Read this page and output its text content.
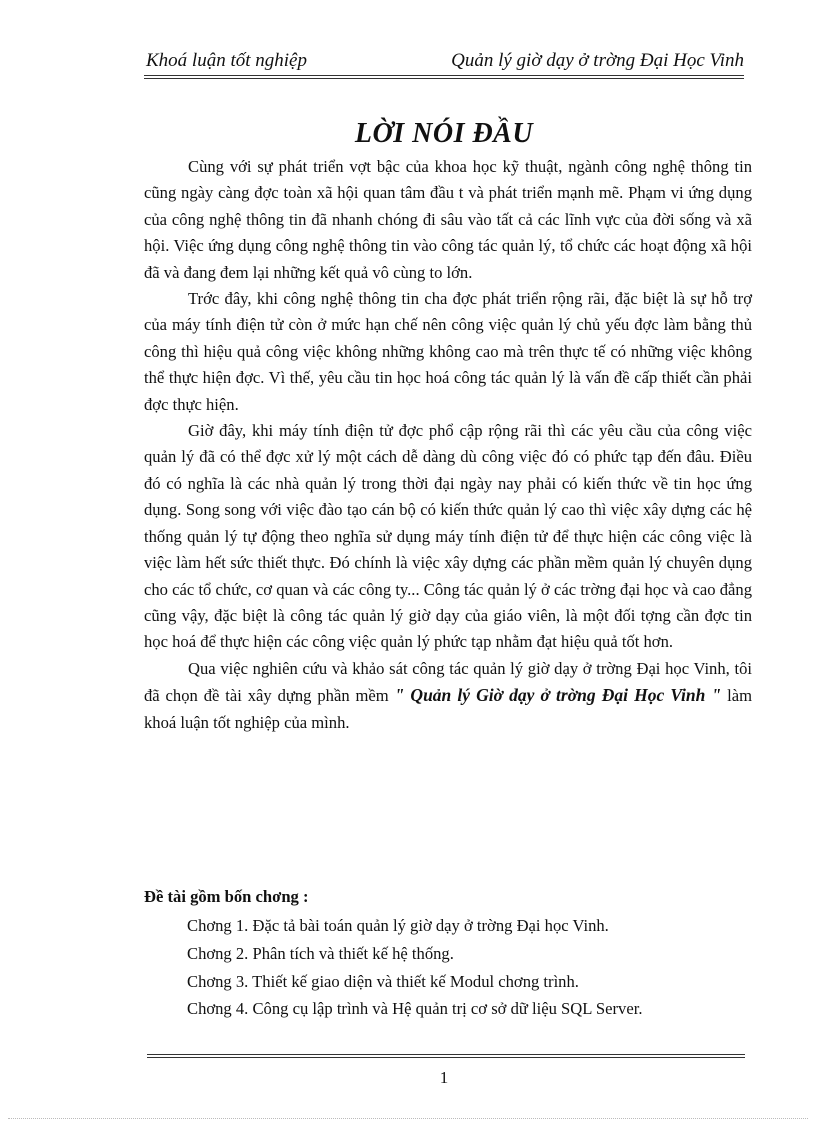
Khoá luận tốt nghiệp	Quản lý giờ dạy ở trờng Đại Học Vinh
LỜI NÓI ĐẦU

Cùng với sự phát triển vợt bậc của khoa học kỹ thuật, ngành công nghệ thông tin cũng ngày càng đợc toàn xã hội quan tâm đầu t và phát triển mạnh mẽ. Phạm vi ứng dụng của công nghệ thông tin đã nhanh chóng đi sâu vào tất cả các lĩnh vực của đời sống và xã hội. Việc ứng dụng công nghệ thông tin vào công tác quản lý, tổ chức các hoạt động xã hội đã và đang đem lại những kết quả vô cùng to lớn.

Trớc đây, khi công nghệ thông tin cha đợc phát triển rộng rãi, đặc biệt là sự hỗ trợ của máy tính điện tử còn ở mức hạn chế nên công việc quản lý chủ yếu đợc làm bằng thủ công thì hiệu quả công việc không những không cao mà trên thực tế có những việc không thể thực hiện đợc. Vì thế, yêu cầu tin học hoá công tác quản lý là vấn đề cấp thiết cần phải đợc thực hiện.

Giờ đây, khi máy tính điện tử đợc phổ cập rộng rãi thì các yêu cầu của công việc quản lý đã có thể đợc xử lý một cách dễ dàng dù công việc đó có phức tạp đến đâu. Điều đó có nghĩa là các nhà quản lý trong thời đại ngày nay phải có kiến thức về tin học ứng dụng. Song song với việc đào tạo cán bộ có kiến thức quản lý cao thì việc xây dựng các hệ thống quản lý tự động theo nghĩa sử dụng máy tính điện tử để thực hiện các công việc là việc làm hết sức thiết thực. Đó chính là việc xây dựng các phần mềm quản lý chuyên dụng cho các tổ chức, cơ quan và các công ty... Công tác quản lý ở các trờng đại học và cao đẳng cũng vậy, đặc biệt là công tác quản lý giờ dạy của giáo viên, là một đối tợng cần đợc tin học hoá để thực hiện các công việc quản lý phức tạp nhằm đạt hiệu quả tốt hơn.

Qua việc nghiên cứu và khảo sát công tác quản lý giờ dạy ở trờng Đại học Vinh, tôi đã chọn đề tài xây dựng phần mềm " Quản lý Giờ dạy ở trờng Đại Học Vinh " làm khoá luận tốt nghiệp của mình.

Đề tài gồm bốn chơng :
Chơng 1. Đặc tả bài toán quản lý giờ dạy ở trờng Đại học Vinh.
Chơng 2. Phân tích và thiết kế hệ thống.
Chơng 3. Thiết kế giao diện và thiết kế Modul chơng trình.
Chơng 4. Công cụ lập trình và Hệ quản trị cơ sở dữ liệu SQL Server.
1
